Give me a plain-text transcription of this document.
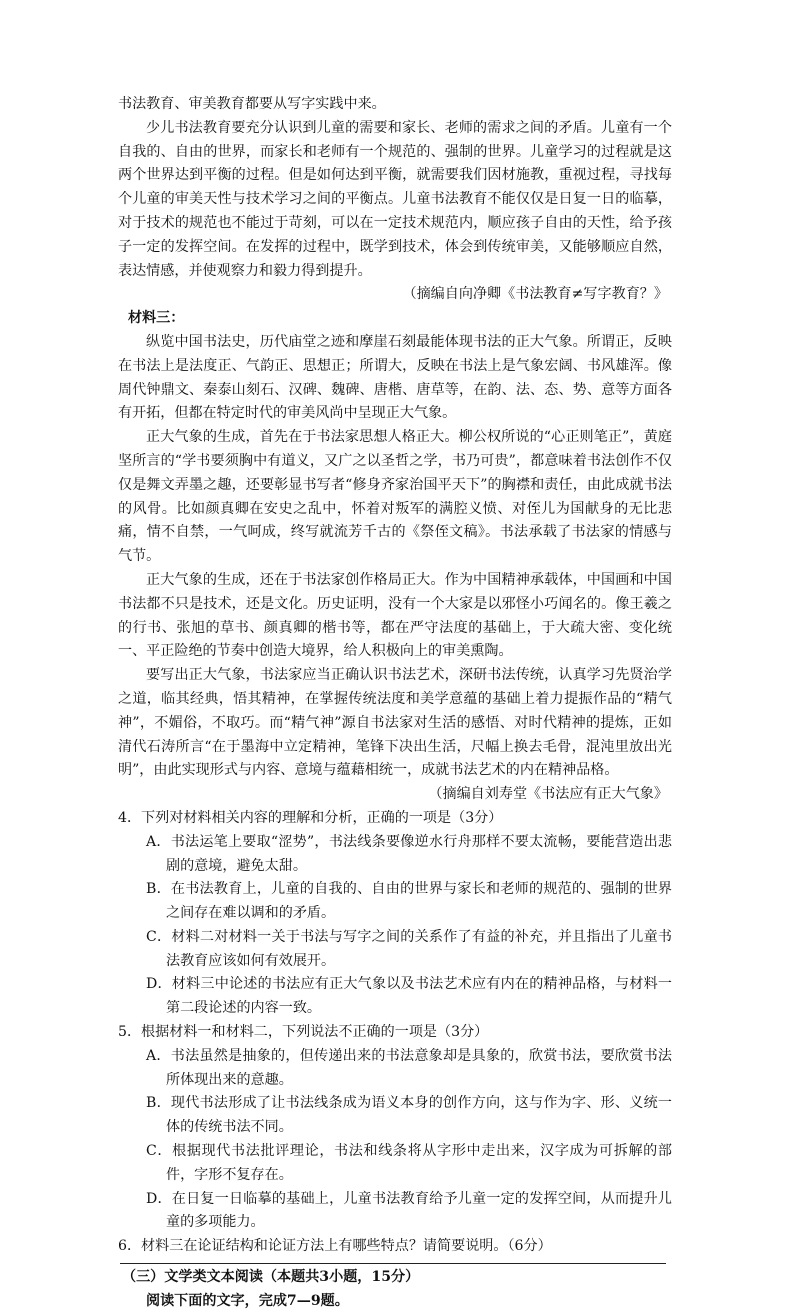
书法教育、审美教育都要从写字实践中来。

少儿书法教育要充分认识到儿童的需要和家长、老师的需求之间的矛盾。儿童有一个自我的、自由的世界，而家长和老师有一个规范的、强制的世界。儿童学习的过程就是这两个世界达到平衡的过程。但是如何达到平衡，就需要我们因材施教，重视过程，寻找每个儿童的审美天性与技术学习之间的平衡点。儿童书法教育不能仅仅是日复一日的临摹，对于技术的规范也不能过于苛刻，可以在一定技术规范内，顺应孩子自由的天性，给予孩子一定的发挥空间。在发挥的过程中，既学到技术，体会到传统审美，又能够顺应自然，表达情感，并使观察力和毅力得到提升。

（摘编自向净卿《书法教育≠写字教育？》

材料三：

纵览中国书法史，历代庙堂之迹和摩崖石刻最能体现书法的正大气象。所谓正，反映在书法上是法度正、气韵正、思想正；所谓大，反映在书法上是气象宏阔、书风雄浑。像周代钟鼎文、秦泰山刻石、汉碑、魏碑、唐楷、唐草等，在韵、法、态、势、意等方面各有开拓，但都在特定时代的审美风尚中呈现正大气象。

正大气象的生成，首先在于书法家思想人格正大。柳公权所说的“心正则笔正”，黄庭坚所言的“学书要须胸中有道义，又广之以圣哲之学，书乃可贵”，都意味着书法创作不仅仅是舞文弄墨之趣，还要彰显书写者“修身齐家治国平天下”的胸襟和责任，由此成就书法的风骨。比如颜真卿在安史之乱中，怀着对叛军的满腔义愤、对侄儿为国献身的无比悲痛，情不自禁，一气呵成，终写就流芳千古的《祭侄文稿》。书法承载了书法家的情感与气节。

正大气象的生成，还在于书法家创作格局正大。作为中国精神承载体，中国画和中国书法都不只是技术，还是文化。历史证明，没有一个大家是以邪怪小巧闻名的。像王羲之的行书、张旭的草书、颜真卿的楷书等，都在严守法度的基础上，于大疏大密、变化统一、平正险绝的节奏中创造大境界，给人积极向上的审美熏陶。

要写出正大气象，书法家应当正确认识书法艺术，深研书法传统，认真学习先贤治学之道，临其经典，悟其精神，在掌握传统法度和美学意蕴的基础上着力提振作品的“精气神”，不媚俗，不取巧。而“精气神”源自书法家对生活的感悟、对时代精神的提炼，正如清代石涛所言“在于墨海中立定精神，笔锋下决出生活，尺幅上换去毛骨，混沌里放出光明”，由此实现形式与内容、意境与蕴藉相统一，成就书法艺术的内在精神品格。

（摘编自刘寿堂《书法应有正大气象》

4．下列对材料相关内容的理解和分析，正确的一项是（3分）

A．书法运笔上要取“涩势”，书法线条要像逆水行舟那样不要太流畅，要能营造出悲剧的意境，避免太甜。

B．在书法教育上，儿童的自我的、自由的世界与家长和老师的规范的、强制的世界之间存在难以调和的矛盾。

C．材料二对材料一关于书法与写字之间的关系作了有益的补充，并且指出了儿童书法教育应该如何有效展开。

D．材料三中论述的书法应有正大气象以及书法艺术应有内在的精神品格，与材料一第二段论述的内容一致。

5．根据材料一和材料二，下列说法不正确的一项是（3分）

A．书法虽然是抽象的，但传递出来的书法意象却是具象的，欣赏书法，要欣赏书法所体现出来的意趣。

B．现代书法形成了让书法线条成为语义本身的创作方向，这与作为字、形、义统一体的传统书法不同。

C．根据现代书法批评理论，书法和线条将从字形中走出来，汉字成为可拆解的部件，字形不复存在。

D．在日复一日临摹的基础上，儿童书法教育给予儿童一定的发挥空间，从而提升儿童的多项能力。

6．材料三在论证结构和论证方法上有哪些特点？请简要说明。（6分）

（三）文学类文本阅读（本题共3小题，15分）

阅读下面的文字，完成7—9题。
